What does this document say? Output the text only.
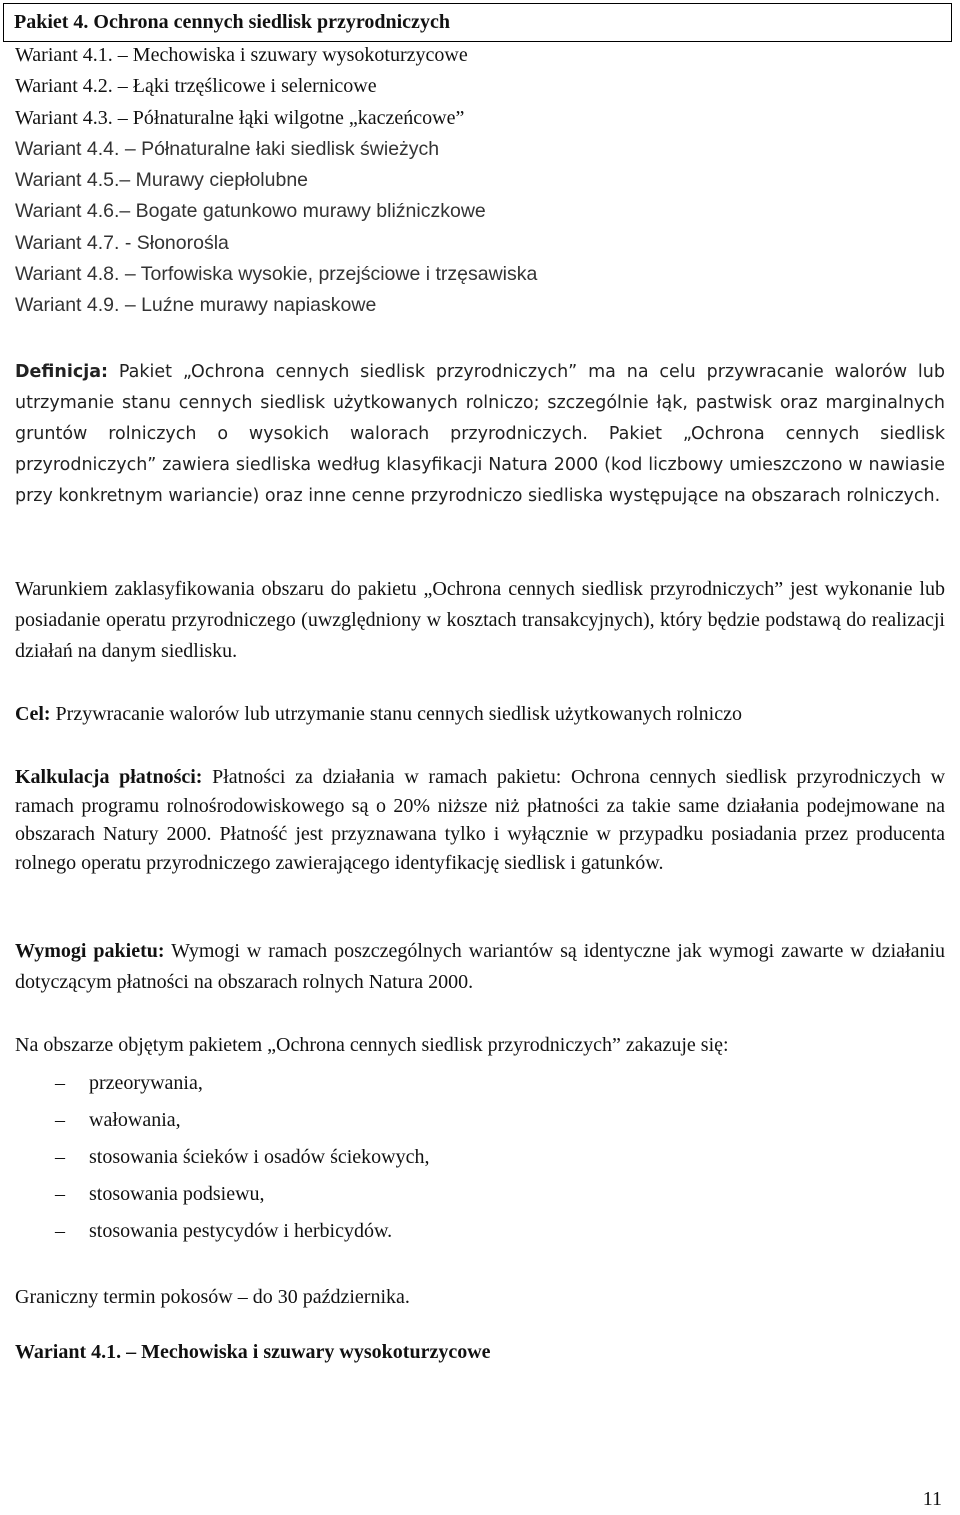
Pakiet 4. Ochrona cennych siedlisk przyrodniczych

Wariant 4.1. – Mechowiska i szuwary wysokoturzycowe
Wariant 4.2. – Łąki trzęślicowe i selernicowe
Wariant 4.3. – Półnaturalne łąki wilgotne „kaczeńcowe”
Wariant 4.4. – Półnaturalne łaki siedlisk świeżych
Wariant 4.5.– Murawy ciepłolubne
Wariant 4.6.– Bogate gatunkowo murawy bliźniczkowe
Wariant 4.7. - Słonorośla
Wariant 4.8. – Torfowiska wysokie, przejściowe i trzęsawiska
Wariant 4.9. – Luźne murawy napiaskowe

Definicja: Pakiet „Ochrona cennych siedlisk przyrodniczych” ma na celu przywracanie walorów lub utrzymanie stanu cennych siedlisk użytkowanych rolniczo; szczególnie łąk, pastwisk oraz marginalnych gruntów rolniczych o wysokich walorach przyrodniczych. Pakiet „Ochrona cennych siedlisk przyrodniczych” zawiera siedliska według klasyfikacji Natura 2000 (kod liczbowy umieszczono w nawiasie przy konkretnym wariancie) oraz inne cenne przyrodniczo siedliska występujące na obszarach rolniczych.

Warunkiem zaklasyfikowania obszaru do pakietu „Ochrona cennych siedlisk przyrodniczych” jest wykonanie lub posiadanie operatu przyrodniczego (uwzględniony w kosztach transakcyjnych), który będzie podstawą do realizacji działań na danym siedlisku.

Cel: Przywracanie walorów lub utrzymanie stanu cennych siedlisk użytkowanych rolniczo

Kalkulacja płatności: Płatności za działania w ramach pakietu: Ochrona cennych siedlisk przyrodniczych w ramach programu rolnośrodowiskowego są o 20% niższe niż płatności za takie same działania podejmowane na obszarach Natury 2000. Płatność jest przyznawana tylko i wyłącznie w przypadku posiadania przez producenta rolnego operatu przyrodniczego zawierającego identyfikację siedlisk i gatunków.

Wymogi pakietu: Wymogi w ramach poszczególnych wariantów są identyczne jak wymogi zawarte w działaniu dotyczącym płatności na obszarach rolnych Natura 2000.

Na obszarze objętym pakietem „Ochrona cennych siedlisk przyrodniczych” zakazuje się:

– przeorywania,
– wałowania,
– stosowania ścieków i osadów ściekowych,
– stosowania podsiewu,
– stosowania pestycydów i herbicydów.

Graniczny termin pokosów – do 30 października.

Wariant 4.1. – Mechowiska i szuwary wysokoturzycowe

11
